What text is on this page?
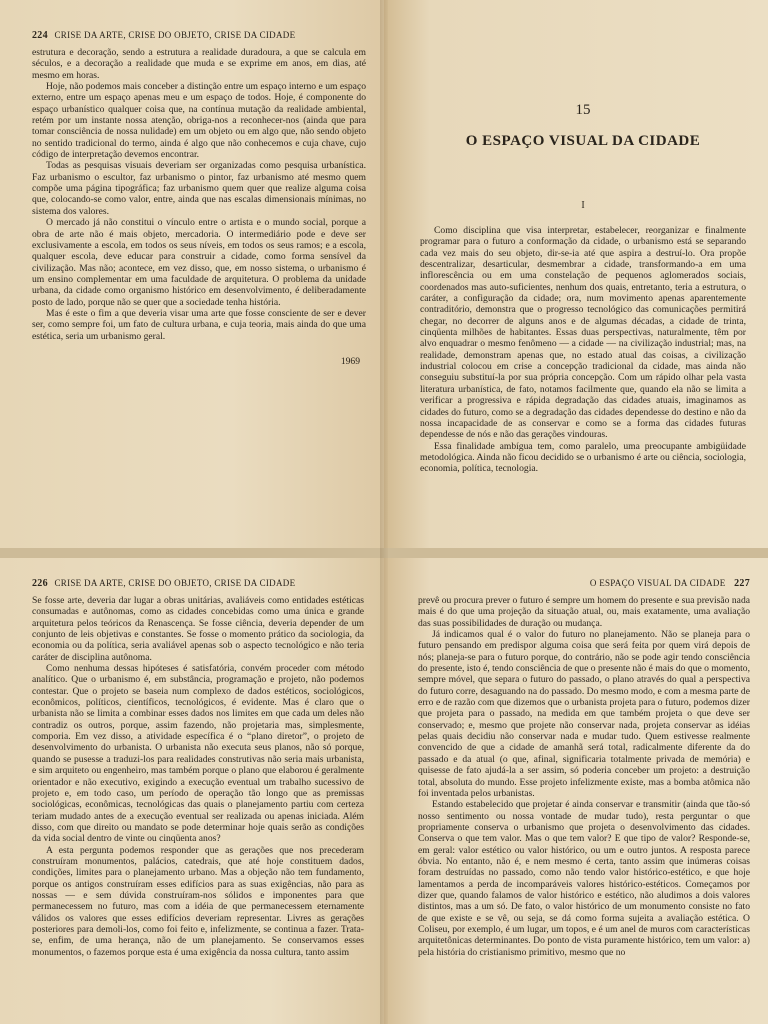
224 CRISE DA ARTE, CRISE DO OBJETO, CRISE DA CIDADE

estrutura e decoração, sendo a estrutura a realidade duradoura, a que se calcula em séculos, e a decoração a realidade que muda e se exprime em anos, em dias, até mesmo em horas.

Hoje, não podemos mais conceber a distinção entre um espaço interno e um espaço externo, entre um espaço apenas meu e um espaço de todos. Hoje, é componente do espaço urbanístico qualquer coisa que, na contínua mutação da realidade ambiental, retém por um instante nossa atenção, obriga-nos a reconhecer-nos (ainda que para tomar consciência de nossa nulidade) em um objeto ou em algo que, não sendo objeto no sentido tradicional do termo, ainda é algo que não conhecemos e cuja chave, cujo código de interpretação devemos encontrar.

Todas as pesquisas visuais deveriam ser organizadas como pesquisa urbanística. Faz urbanismo o escultor, faz urbanismo o pintor, faz urbanismo até mesmo quem compõe uma página tipográfica; faz urbanismo quem quer que realize alguma coisa que, colocando-se como valor, entre, ainda que nas escalas dimensionais mínimas, no sistema dos valores.

O mercado já não constitui o vínculo entre o artista e o mundo social, porque a obra de arte não é mais objeto, mercadoria. O intermediário pode e deve ser exclusivamente a escola, em todos os seus níveis, em todos os seus ramos; e a escola, qualquer escola, deve educar para construir a cidade, como forma sensível da civilização. Mas não; acontece, em vez disso, que, em nosso sistema, o urbanismo é um ensino complementar em uma faculdade de arquitetura. O problema da unidade urbana, da cidade como organismo histórico em desenvolvimento, é deliberadamente posto de lado, porque não se quer que a sociedade tenha história.

Mas é este o fim a que deveria visar uma arte que fosse consciente de ser e dever ser, como sempre foi, um fato de cultura urbana, e cuja teoria, mais ainda do que uma estética, seria um urbanismo geral.

1969
15
O ESPAÇO VISUAL DA CIDADE
I

Como disciplina que visa interpretar, estabelecer, reorganizar e finalmente programar para o futuro a conformação da cidade, o urbanismo está se separando cada vez mais do seu objeto, dir-se-ia até que aspira a destruí-lo. Ora propõe descentralizar, desarticular, desmembrar a cidade, transformando-a em uma inflorescência ou em uma constelação de pequenos aglomerados sociais, coordenados mas auto-suficientes, nenhum dos quais, entretanto, teria a estrutura, o caráter, a configuração da cidade; ora, num movimento apenas aparentemente contraditório, demonstra que o progresso tecnológico das comunicações permitirá chegar, no decorrer de alguns anos e de algumas décadas, a cidade de trinta, cinqüenta milhões de habitantes. Essas duas perspectivas, naturalmente, têm por alvo enquadrar o mesmo fenômeno — a cidade — na civilização industrial; mas, na realidade, demonstram apenas que, no estado atual das coisas, a civilização industrial colocou em crise a concepção tradicional da cidade, mas ainda não conseguiu substituí-la por sua própria concepção. Com um rápido olhar pela vasta literatura urbanística, de fato, notamos facilmente que, quando ela não se limita a verificar a progressiva e rápida degradação das cidades atuais, imaginamos as cidades do futuro, como se a degradação das cidades dependesse do destino e não da nossa incapacidade de as conservar e como se a forma das cidades futuras dependesse de nós e não das gerações vindouras.

Essa finalidade ambígua tem, como paralelo, uma preocupante ambigüidade metodológica. Ainda não ficou decidido se o urbanismo é arte ou ciência, sociologia, economia, política, tecnologia.

226 CRISE DA ARTE, CRISE DO OBJETO, CRISE DA CIDADE

Se fosse arte, deveria dar lugar a obras unitárias, avaliáveis como entidades estéticas consumadas e autônomas, como as cidades concebidas como uma única e grande arquitetura pelos teóricos da Renascença. Se fosse ciência, deveria depender de um conjunto de leis objetivas e constantes. Se fosse o momento prático da sociologia, da economia ou da política, seria avaliável apenas sob o aspecto tecnológico e não teria caráter de disciplina autônoma.

Como nenhuma dessas hipóteses é satisfatória, convém proceder com método analítico. Que o urbanismo é, em substância, programação e projeto, não podemos contestar. Que o projeto se baseia num complexo de dados estéticos, sociológicos, econômicos, políticos, científicos, tecnológicos, é evidente. Mas é claro que o urbanista não se limita a combinar esses dados nos limites em que cada um deles não contradiz os outros, porque, assim fazendo, não projetaria mas, simplesmente, comporia. Em vez disso, a atividade específica é o “plano diretor”, o projeto de desenvolvimento do urbanista. O urbanista não executa seus planos, não só porque, quando se pusesse a traduzi-los para realidades construtivas não seria mais urbanista, e sim arquiteto ou engenheiro, mas também porque o plano que elaborou é geralmente orientador e não executivo, exigindo a execução eventual um trabalho sucessivo de projeto e, em todo caso, um período de operação tão longo que as premissas sociológicas, econômicas, tecnológicas das quais o planejamento partiu com certeza teriam mudado antes de a execução eventual ser realizada ou apenas iniciada. Além disso, com que direito ou mandato se pode determinar hoje quais serão as condições da vida social dentro de vinte ou cinqüenta anos?

A esta pergunta podemos responder que as gerações que nos precederam construíram monumentos, palácios, catedrais, que até hoje constituem dados, condições, limites para o planejamento urbano. Mas a objeção não tem fundamento, porque os antigos construíram esses edifícios para as suas exigências, não para as nossas — e sem dúvida construíram-nos sólidos e imponentes para que permanecessem no futuro, mas com a idéia de que permanecessem eternamente válidos os valores que esses edifícios deveriam representar. Livres as gerações posteriores para demoli-los, como foi feito e, infelizmente, se continua a fazer. Trata-se, enfim, de uma herança, não de um planejamento. Se conservamos esses monumentos, o fazemos porque esta é uma exigência da nossa cultura, tanto assim

O ESPAÇO VISUAL DA CIDADE 227

prevê ou procura prever o futuro é sempre um homem do presente e sua previsão nada mais é do que uma projeção da situação atual, ou, mais exatamente, uma avaliação das suas possibilidades de duração ou mudança.

Já indicamos qual é o valor do futuro no planejamento. Não se planeja para o futuro pensando em predispor alguma coisa que será feita por quem virá depois de nós; planeja-se para o futuro porque, do contrário, não se pode agir tendo consciência do presente, isto é, tendo consciência de que o presente não é mais do que o momento, sempre móvel, que separa o futuro do passado, o plano através do qual a perspectiva do futuro corre, desaguando na do passado. Do mesmo modo, e com a mesma parte de erro e de razão com que dizemos que o urbanista projeta para o futuro, podemos dizer que projeta para o passado, na medida em que também projeta o que deve ser conservado; e, mesmo que projete não conservar nada, projeta conservar as idéias pelas quais decidiu não conservar nada e mudar tudo. Quem estivesse realmente convencido de que a cidade de amanhã será total, radicalmente diferente da do passado e da atual (o que, afinal, significaria totalmente privada de memória) e quisesse de fato ajudá-la a ser assim, só poderia conceber um projeto: a destruição total, absoluta do mundo. Esse projeto infelizmente existe, mas a bomba atômica não foi inventada pelos urbanistas.

Estando estabelecido que projetar é ainda conservar e transmitir (ainda que tão-só nosso sentimento ou nossa vontade de mudar tudo), resta perguntar o que propriamente conserva o urbanismo que projeta o desenvolvimento das cidades. Conserva o que tem valor. Mas o que tem valor? E que tipo de valor? Responde-se, em geral: valor estético ou valor histórico, ou um e outro juntos. A resposta parece óbvia. No entanto, não é, e nem mesmo é certa, tanto assim que inúmeras coisas foram destruídas no passado, como não tendo valor histórico-estético, e que hoje lamentamos a perda de incomparáveis valores histórico-estéticos. Começamos por dizer que, quando falamos de valor histórico e estético, não aludimos a dois valores distintos, mas a um só. De fato, o valor histórico de um monumento consiste no fato de que existe e se vê, ou seja, se dá como forma sujeita a avaliação estética. O Coliseu, por exemplo, é um lugar, um topos, e é um anel de muros com características arquitetônicas determinantes. Do ponto de vista puramente histórico, tem um valor: a) pela história do cristianismo primitivo, mesmo que no
